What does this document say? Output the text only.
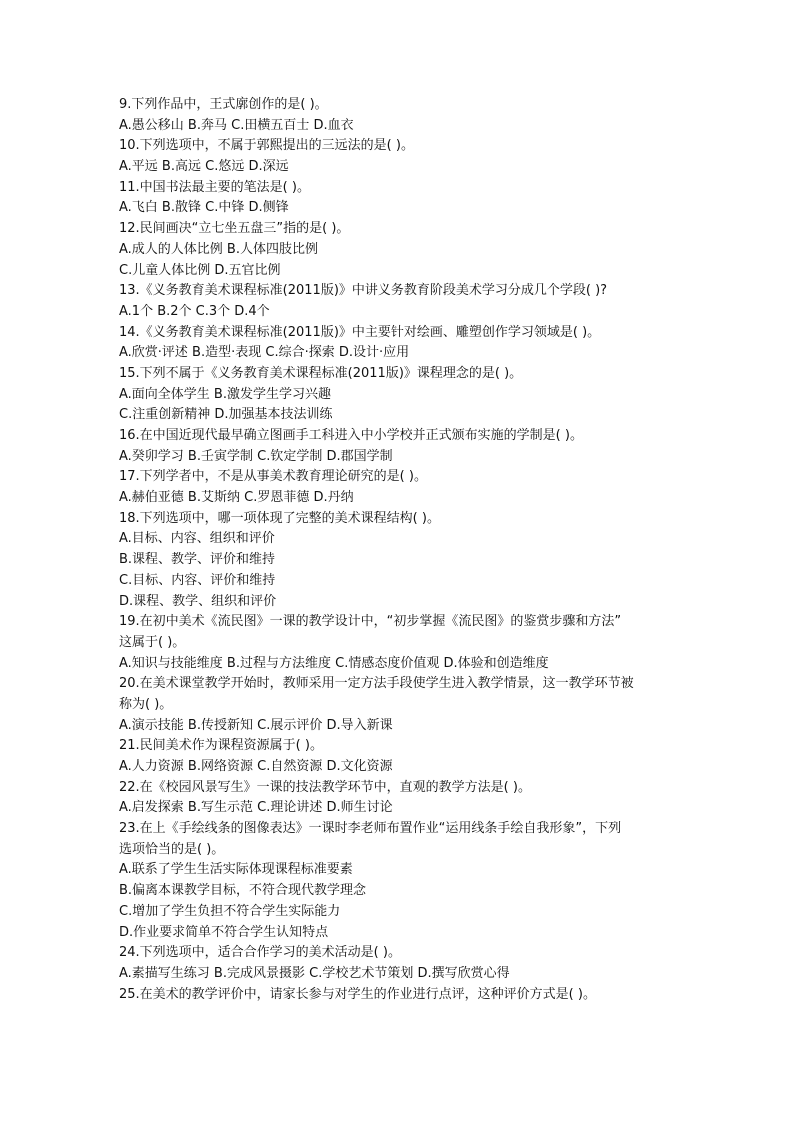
9.下列作品中，王式廓创作的是( )。
A.愚公移山 B.奔马 C.田横五百士 D.血衣
10.下列选项中，不属于郭熙提出的三远法的是( )。
A.平远 B.高远 C.悠远 D.深远
11.中国书法最主要的笔法是( )。
A.飞白 B.散锋 C.中锋 D.侧锋
12.民间画决“立七坐五盘三”指的是( )。
A.成人的人体比例 B.人体四肢比例
C.儿童人体比例 D.五官比例
13.《义务教育美术课程标准(2011版)》中讲义务教育阶段美术学习分成几个学段( )?
A.1个 B.2个 C.3个 D.4个
14.《义务教育美术课程标准(2011版)》中主要针对绘画、雕塑创作学习领域是( )。
A.欣赏·评述 B.造型·表现 C.综合·探索 D.设计·应用
15.下列不属于《义务教育美术课程标准(2011版)》课程理念的是( )。
A.面向全体学生 B.激发学生学习兴趣
C.注重创新精神 D.加强基本技法训练
16.在中国近现代最早确立图画手工科进入中小学校并正式颁布实施的学制是( )。
A.癸卯学习 B.壬寅学制 C.钦定学制 D.郡国学制
17.下列学者中，不是从事美术教育理论研究的是( )。
A.赫伯亚德 B.艾斯纳 C.罗恩菲德 D.丹纳
18.下列选项中，哪一项体现了完整的美术课程结构( )。
A.目标、内容、组织和评价
B.课程、教学、评价和维持
C.目标、内容、评价和维持
D.课程、教学、组织和评价
19.在初中美术《流民图》一课的教学设计中，“初步掌握《流民图》的鉴赏步骤和方法”
这属于( )。
A.知识与技能维度 B.过程与方法维度 C.情感态度价值观 D.体验和创造维度
20.在美术课堂教学开始时，教师采用一定方法手段使学生进入教学情景，这一教学环节被
称为( )。
A.演示技能 B.传授新知 C.展示评价 D.导入新课
21.民间美术作为课程资源属于( )。
A.人力资源 B.网络资源 C.自然资源 D.文化资源
22.在《校园风景写生》一课的技法教学环节中，直观的教学方法是( )。
A.启发探索 B.写生示范 C.理论讲述 D.师生讨论
23.在上《手绘线条的图像表达》一课时李老师布置作业“运用线条手绘自我形象”，下列
选项恰当的是( )。
A.联系了学生生活实际体现课程标准要素
B.偏离本课教学目标，不符合现代教学理念
C.增加了学生负担不符合学生实际能力
D.作业要求简单不符合学生认知特点
24.下列选项中，适合合作学习的美术活动是( )。
A.素描写生练习 B.完成风景摄影 C.学校艺术节策划 D.撰写欣赏心得
25.在美术的教学评价中，请家长参与对学生的作业进行点评，这种评价方式是( )。
